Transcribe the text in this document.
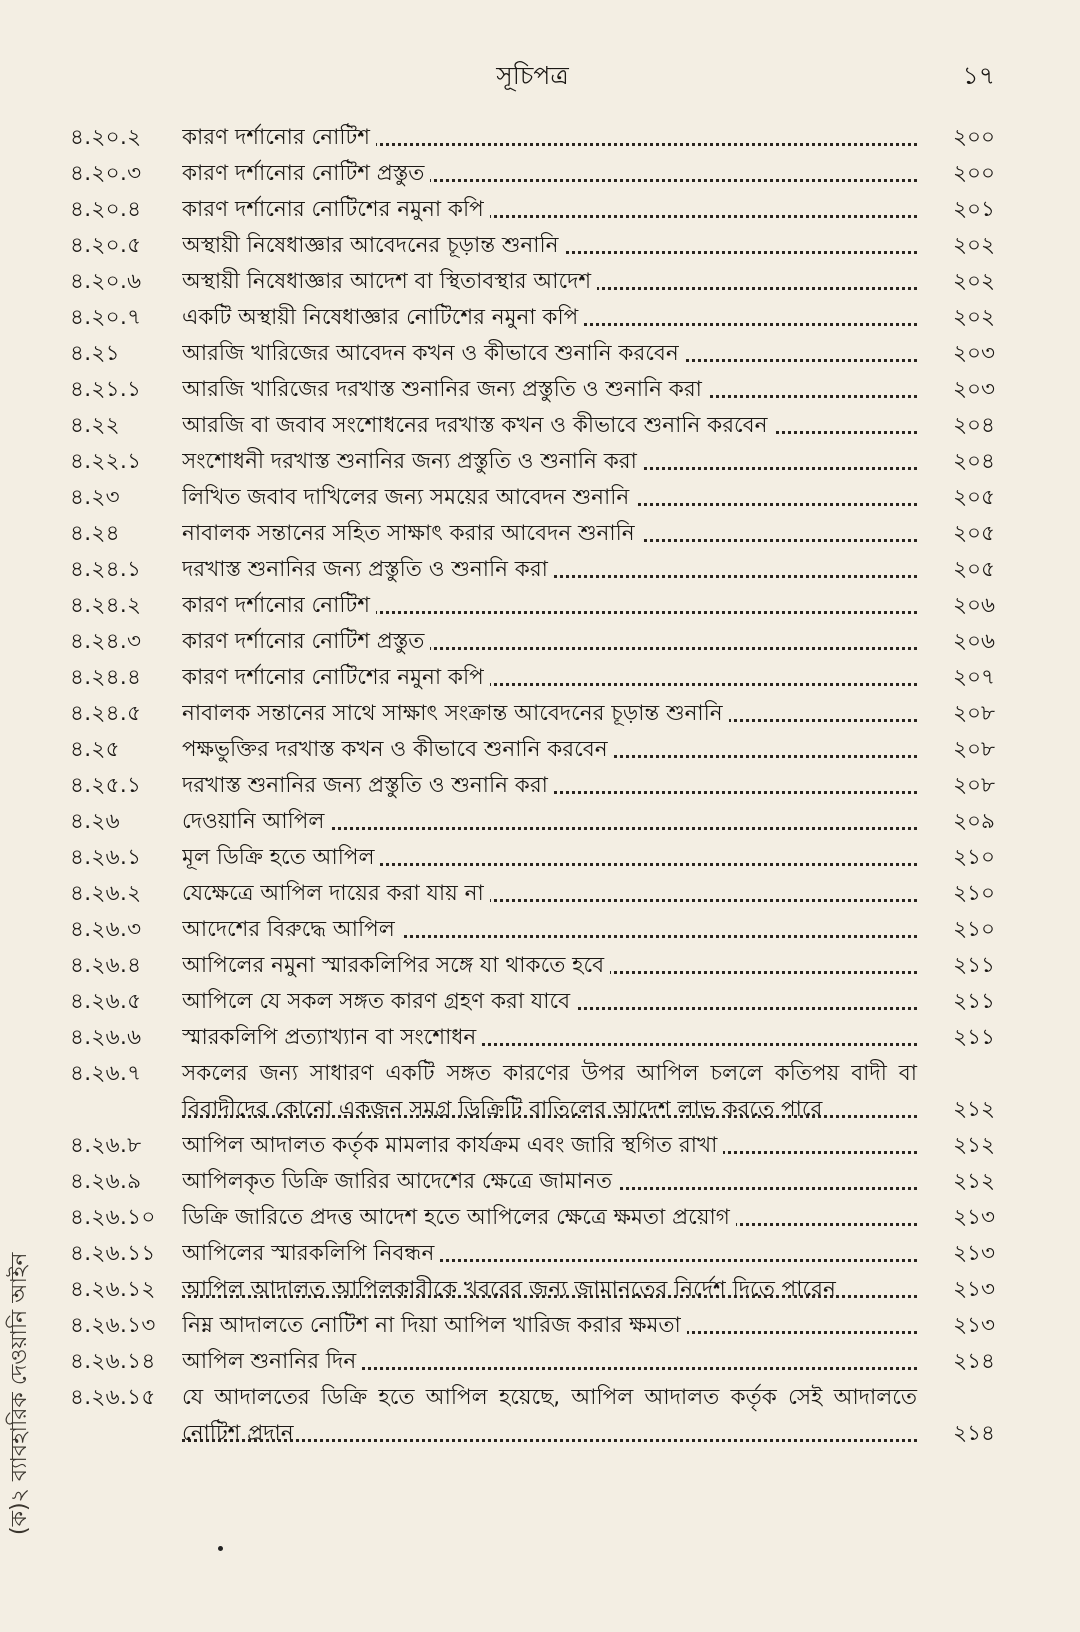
সূচিপত্র	১৭
৪.২০.২	কারণ দর্শানোর নোটিশ	২০০
৪.২০.৩	কারণ দর্শানোর নোটিশ প্রস্তুত	২০০
৪.২০.৪	কারণ দর্শানোর নোটিশের নমুনা কপি	২০১
৪.২০.৫	অস্থায়ী নিষেধাজ্ঞার আবেদনের চূড়ান্ত শুনানি	২০২
৪.২০.৬	অস্থায়ী নিষেধাজ্ঞার আদেশ বা স্থিতাবস্থার আদেশ	২০২
৪.২০.৭	একটি অস্থায়ী নিষেধাজ্ঞার নোটিশের নমুনা কপি	২০২
৪.২১	আরজি খারিজের আবেদন কখন ও কীভাবে শুনানি করবেন	২০৩
৪.২১.১	আরজি খারিজের দরখাস্ত শুনানির জন্য প্রস্তুতি ও শুনানি করা	২০৩
৪.২২	আরজি বা জবাব সংশোধনের দরখাস্ত কখন ও কীভাবে শুনানি করবেন	২০৪
৪.২২.১	সংশোধনী দরখাস্ত শুনানির জন্য প্রস্তুতি ও শুনানি করা	২০৪
৪.২৩	লিখিত জবাব দাখিলের জন্য সময়ের আবেদন শুনানি	২০৫
৪.২৪	নাবালক সন্তানের সহিত সাক্ষাৎ করার আবেদন শুনানি	২০৫
৪.২৪.১	দরখাস্ত শুনানির জন্য প্রস্তুতি ও শুনানি করা	২০৫
৪.২৪.২	কারণ দর্শানোর নোটিশ	২০৬
৪.২৪.৩	কারণ দর্শানোর নোটিশ প্রস্তুত	২০৬
৪.২৪.৪	কারণ দর্শানোর নোটিশের নমুনা কপি	২০৭
৪.২৪.৫	নাবালক সন্তানের সাথে সাক্ষাৎ সংক্রান্ত আবেদনের চূড়ান্ত শুনানি	২০৮
৪.২৫	পক্ষভুক্তির দরখাস্ত কখন ও কীভাবে শুনানি করবেন	২০৮
৪.২৫.১	দরখাস্ত শুনানির জন্য প্রস্তুতি ও শুনানি করা	২০৮
৪.২৬	দেওয়ানি আপিল	২০৯
৪.২৬.১	মূল ডিক্রি হতে আপিল	২১০
৪.২৬.২	যেক্ষেত্রে আপিল দায়ের করা যায় না	২১০
৪.২৬.৩	আদেশের বিরুদ্ধে আপিল	২১০
৪.২৬.৪	আপিলের নমুনা স্মারকলিপির সঙ্গে যা থাকতে হবে	২১১
৪.২৬.৫	আপিলে যে সকল সঙ্গত কারণ গ্রহণ করা যাবে	২১১
৪.২৬.৬	স্মারকলিপি প্রত্যাখ্যান বা সংশোধন	২১১
৪.২৬.৭	সকলের জন্য সাধারণ একটি সঙ্গত কারণের উপর আপিল চললে কতিপয় বাদী বা বিবাদীদের কোনো একজন সমগ্র ডিক্রিটি বাতিলের আদেশ লাভ করতে পারে	২১২
৪.২৬.৮	আপিল আদালত কর্তৃক মামলার কার্যক্রম এবং জারি স্থগিত রাখা	২১২
৪.২৬.৯	আপিলকৃত ডিক্রি জারির আদেশের ক্ষেত্রে জামানত	২১২
৪.২৬.১০	ডিক্রি জারিতে প্রদত্ত আদেশ হতে আপিলের ক্ষেত্রে ক্ষমতা প্রয়োগ	২১৩
৪.২৬.১১	আপিলের স্মারকলিপি নিবন্ধন	২১৩
৪.২৬.১২	আপিল আদালত আপিলকারীকে খবরের জন্য জামানতের নির্দেশ দিতে পারেন	২১৩
৪.২৬.১৩	নিম্ন আদালতে নোটিশ না দিয়া আপিল খারিজ করার ক্ষমতা	২১৩
৪.২৬.১৪	আপিল শুনানির দিন	২১৪
৪.২৬.১৫	যে আদালতের ডিক্রি হতে আপিল হয়েছে, আপিল আদালত কর্তৃক সেই আদালতে নোটিশ প্রদান	২১৪
(ক)২ ব্যাবহারিক দেওয়ানি আইন
